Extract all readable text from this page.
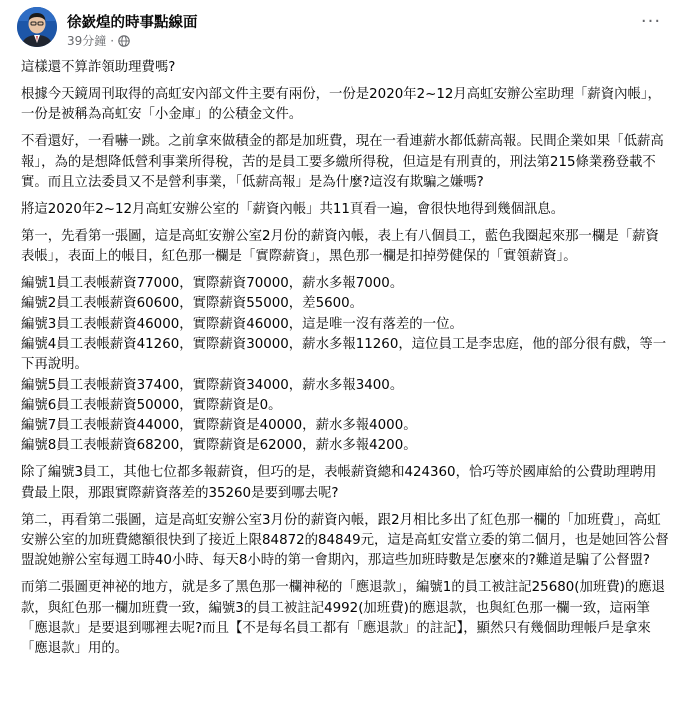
徐嶔煌的時事點線面
39分鐘 ·
···

這樣還不算詐領助理費嗎?

根據今天鏡周刊取得的高虹安內部文件主要有兩份，一份是2020年2~12月高虹安辦公室助理「薪資內帳」，一份是被稱為高虹安「小金庫」的公積金文件。

不看還好，一看嚇一跳。之前拿來做積金的都是加班費，現在一看連薪水都低薪高報。民間企業如果「低薪高報」，為的是想降低營利事業所得稅，苦的是員工要多繳所得稅，但這是有刑責的，刑法第215條業務登載不實。而且立法委員又不是營利事業，「低薪高報」是為什麼?這沒有欺騙之嫌嗎?

將這2020年2~12月高虹安辦公室的「薪資內帳」共11頁看一遍，會很快地得到幾個訊息。

第一，先看第一張圖，這是高虹安辦公室2月份的薪資內帳，表上有八個員工，藍色我圈起來那一欄是「薪資表帳」，表面上的帳目，紅色那一欄是「實際薪資」，黑色那一欄是扣掉勞健保的「實領薪資」。

編號1員工表帳薪資77000，實際薪資70000，薪水多報7000。

編號2員工表帳薪資60600，實際薪資55000，差5600。

編號3員工表帳薪資46000，實際薪資46000，這是唯一沒有落差的一位。

編號4員工表帳薪資41260，實際薪資30000，薪水多報11260，這位員工是李忠庭，他的部分很有戲，等一下再說明。

編號5員工表帳薪資37400，實際薪資34000，薪水多報3400。

編號6員工表帳薪資50000，實際薪資是0。

編號7員工表帳薪資44000，實際薪資是40000，薪水多報4000。

編號8員工表帳薪資68200，實際薪資是62000，薪水多報4200。

除了編號3員工，其他七位都多報薪資，但巧的是，表帳薪資總和424360，恰巧等於國庫給的公費助理聘用費最上限，那跟實際薪資落差的35260是要到哪去呢?

第二，再看第二張圖，這是高虹安辦公室3月份的薪資內帳，跟2月相比多出了紅色那一欄的「加班費」，高虹安辦公室的加班費總額很快到了接近上限84872的84849元，這是高虹安當立委的第二個月，也是她回答公督盟說她辦公室每週工時40小時、每天8小時的第一會期內，那這些加班時數是怎麼來的?難道是騙了公督盟?

而第二張圖更神祕的地方，就是多了黑色那一欄神秘的「應退款」，編號1的員工被註記25680(加班費)的應退款，與紅色那一欄加班費一致，編號3的員工被註記4992(加班費)的應退款，也與紅色那一欄一致，這兩筆「應退款」是要退到哪裡去呢?而且【不是每名員工都有「應退款」的註記】，顯然只有幾個助理帳戶是拿來「應退款」用的。
